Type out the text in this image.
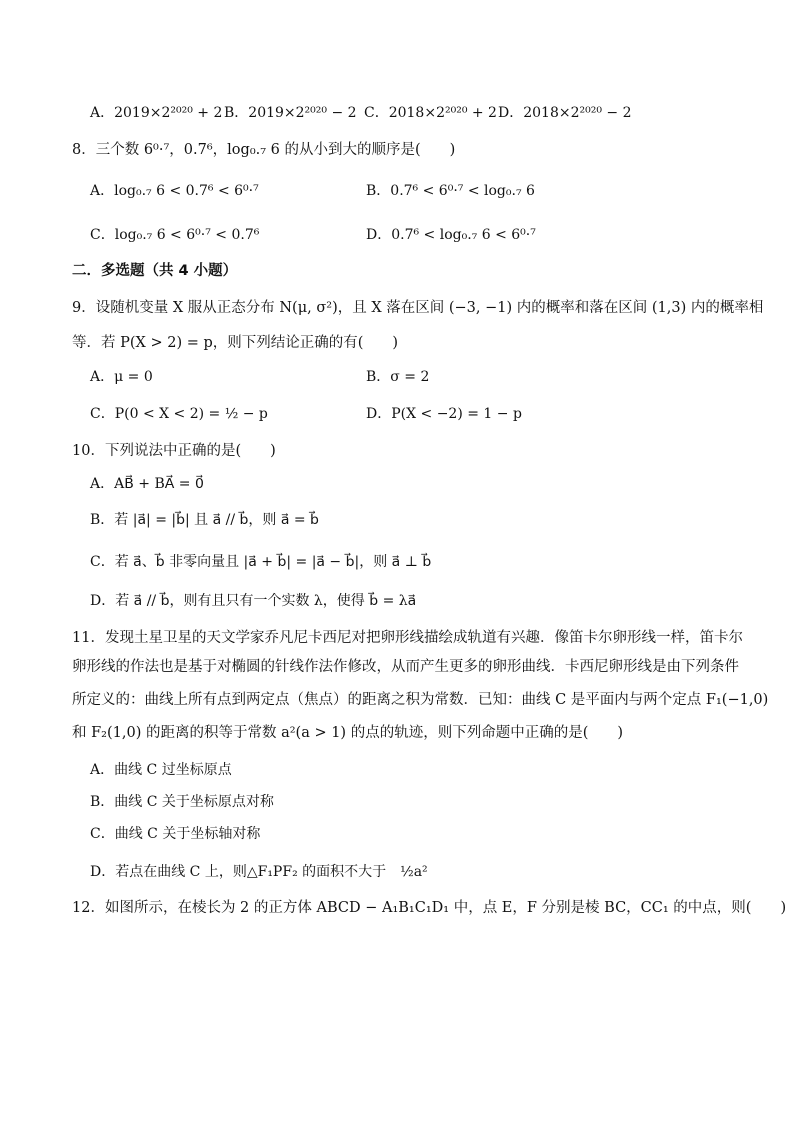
A．2019×2²⁰²⁰ + 2 B．2019×2²⁰²⁰ − 2 C．2018×2²⁰²⁰ + 2 D．2018×2²⁰²⁰ − 2
8．三个数 6⁰·⁷，0.7⁶，log₀.₇ 6 的从小到大的顺序是(　　)
A．log₀.₇ 6 < 0.7⁶ < 6⁰·⁷	B．0.7⁶ < 6⁰·⁷ < log₀.₇ 6
C．log₀.₇ 6 < 6⁰·⁷ < 0.7⁶	D．0.7⁶ < log₀.₇ 6 < 6⁰·⁷
二．多选题（共 4 小题）
9．设随机变量 X 服从正态分布 N(μ, σ²)，且 X 落在区间 (−3, −1) 内的概率和落在区间 (1,3) 内的概率相
等．若 P(X > 2) = p，则下列结论正确的有(　　)
A．μ = 0	B．σ = 2
C．P(0 < X < 2) = ½ − p	D．P(X < −2) = 1 − p
10．下列说法中正确的是(　　)
A．AB⃗ + BA⃗ = 0⃗
B．若 |a⃗| = |b⃗| 且 a⃗ // b⃗，则 a⃗ = b⃗
C．若 a⃗、b⃗ 非零向量且 |a⃗ + b⃗| = |a⃗ − b⃗|，则 a⃗ ⊥ b⃗
D．若 a⃗ // b⃗，则有且只有一个实数 λ，使得 b⃗ = λa⃗
11．发现土星卫星的天文学家乔凡尼卡西尼对把卵形线描绘成轨道有兴趣．像笛卡尔卵形线一样，笛卡尔
卵形线的作法也是基于对椭圆的针线作法作修改，从而产生更多的卵形曲线．卡西尼卵形线是由下列条件
所定义的：曲线上所有点到两定点（焦点）的距离之积为常数．已知：曲线 C 是平面内与两个定点 F₁(−1,0)
和 F₂(1,0) 的距离的积等于常数 a²(a > 1) 的点的轨迹，则下列命题中正确的是(　　)
A．曲线 C 过坐标原点
B．曲线 C 关于坐标原点对称
C．曲线 C 关于坐标轴对称
D．若点在曲线 C 上，则△F₁PF₂ 的面积不大于　½a²
12．如图所示，在棱长为 2 的正方体 ABCD − A₁B₁C₁D₁ 中，点 E，F 分别是棱 BC，CC₁ 的中点，则(　　)
